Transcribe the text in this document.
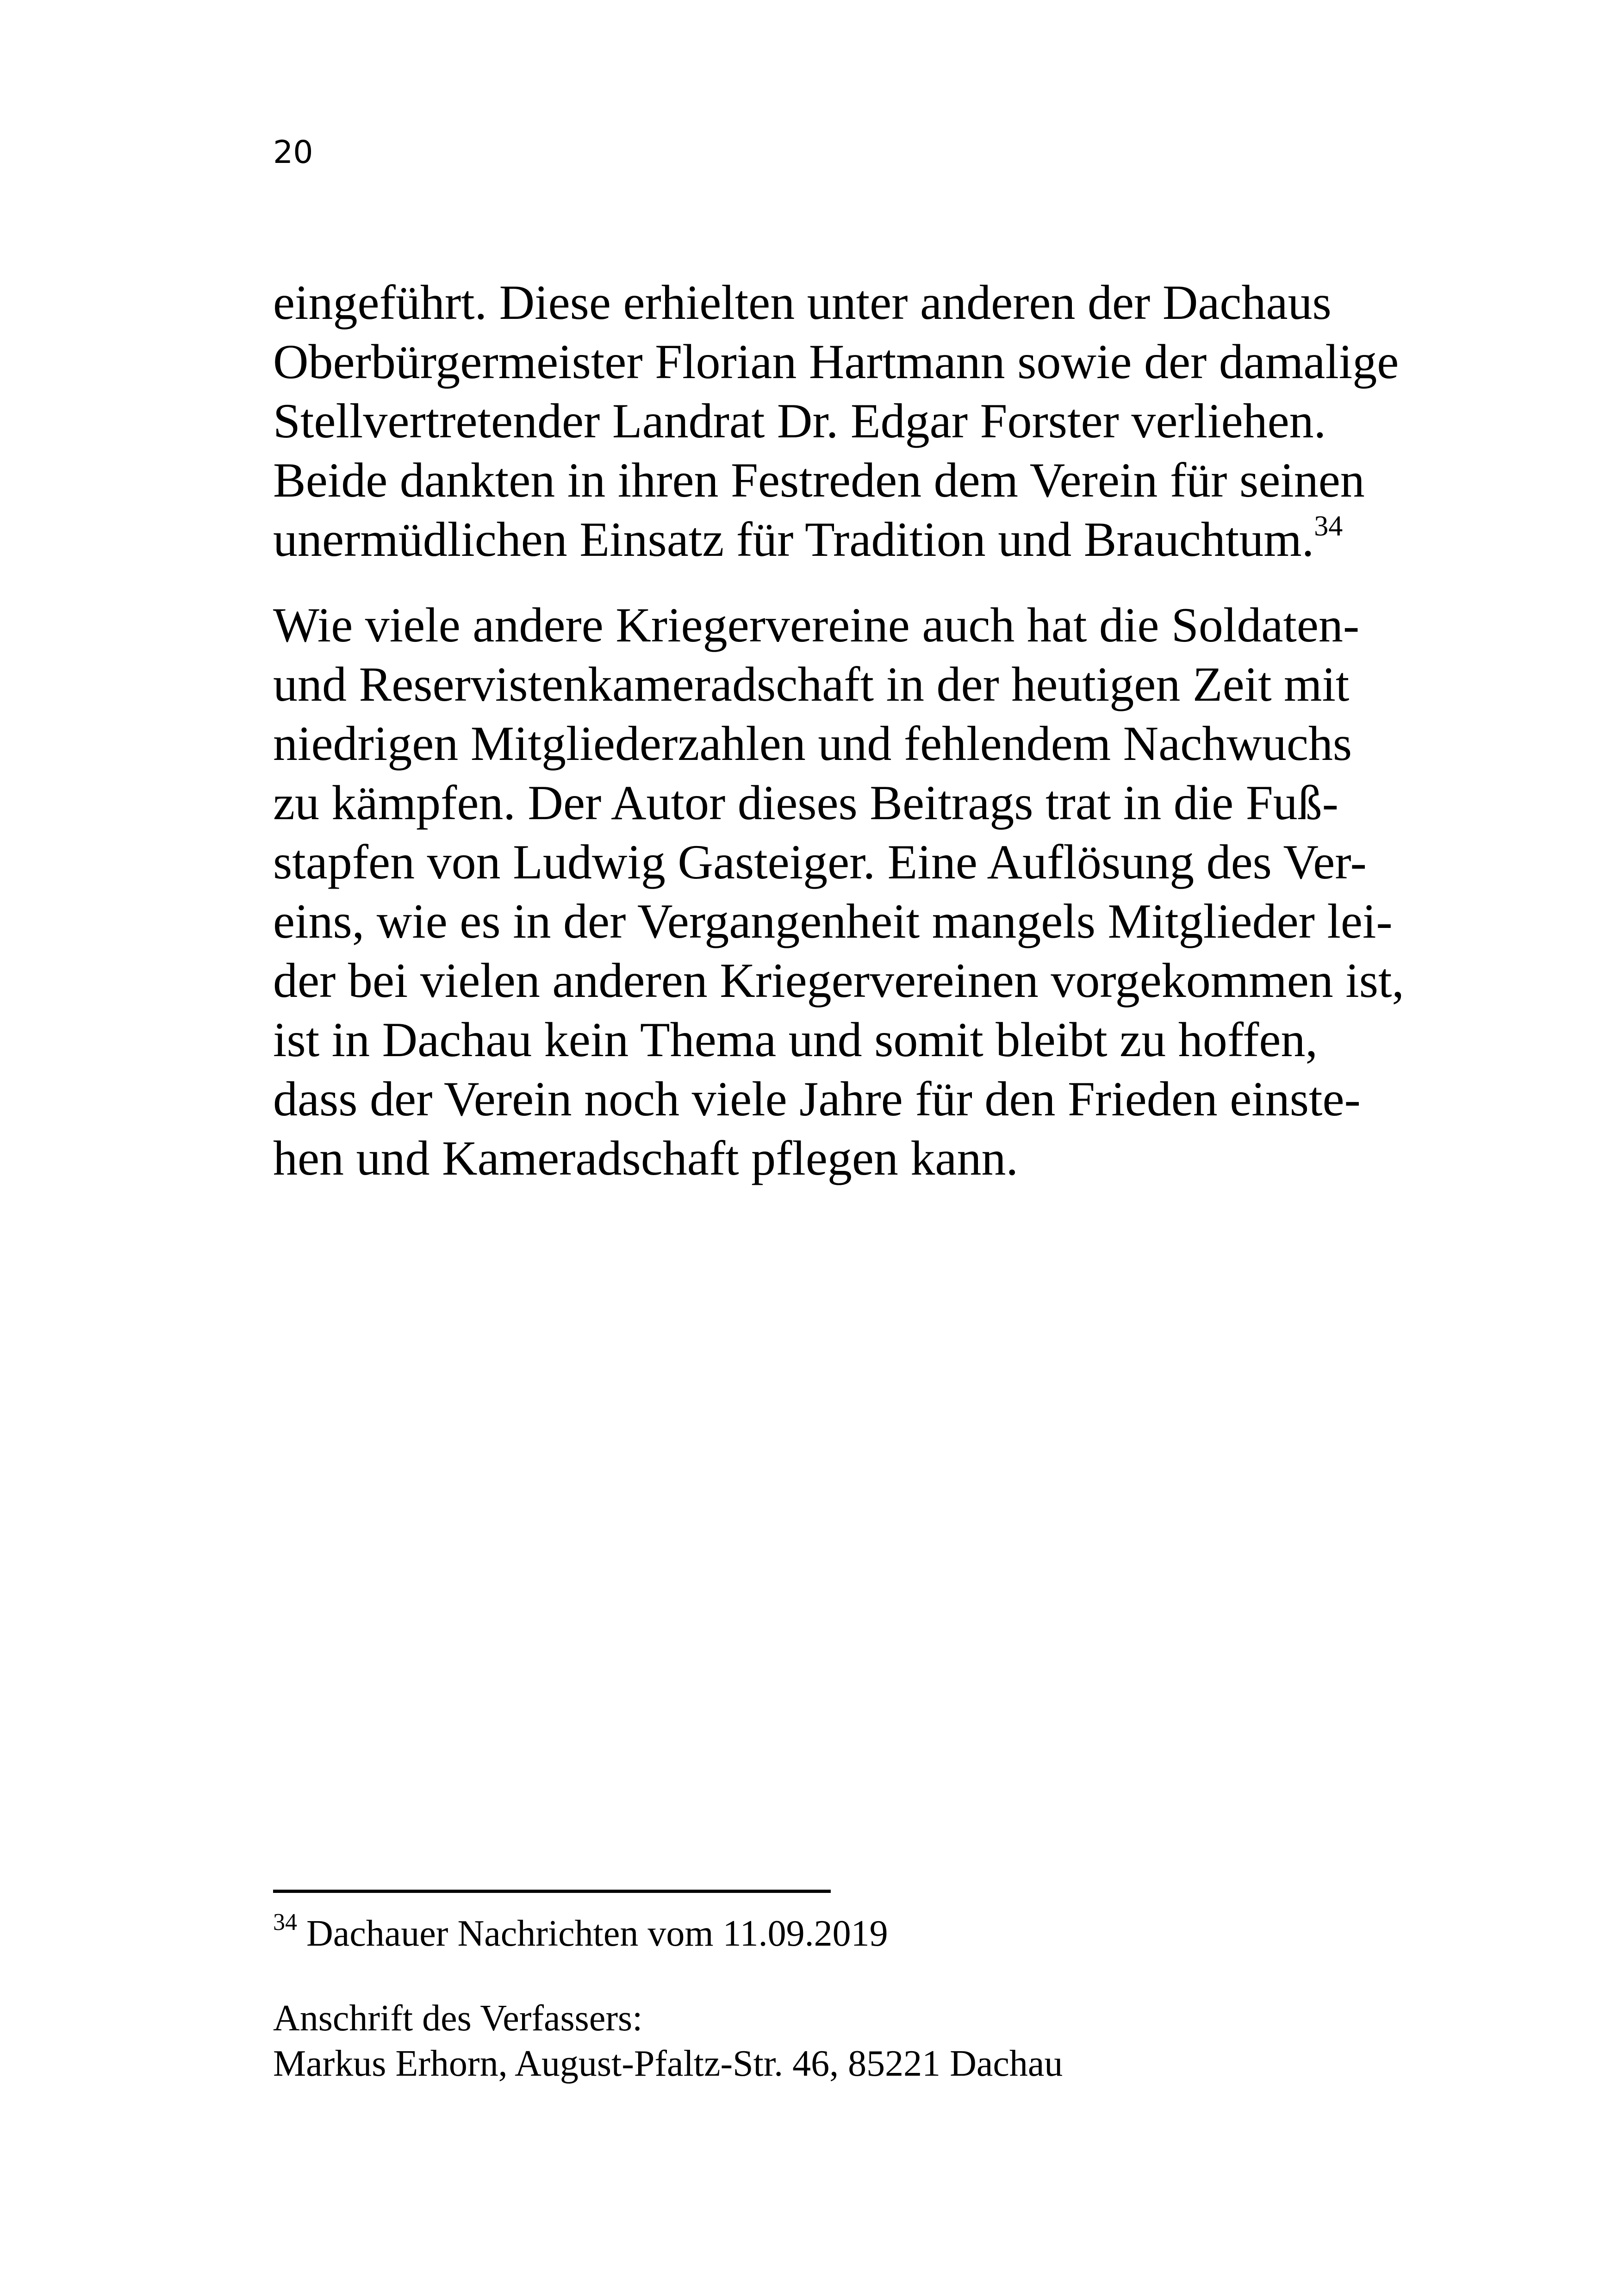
20
eingeführt. Diese erhielten unter anderen der Dachaus
Oberbürgermeister Florian Hartmann sowie der damalige
Stellvertretender Landrat Dr. Edgar Forster verliehen.
Beide dankten in ihren Festreden dem Verein für seinen
unermüdlichen Einsatz für Tradition und Brauchtum.$^{34}$
Wie viele andere Kriegervereine auch hat die Soldaten-
und Reservistenkameradschaft in der heutigen Zeit mit
niedrigen Mitgliederzahlen und fehlendem Nachwuchs
zu kämpfen. Der Autor dieses Beitrags trat in die Fuß-
stapfen von Ludwig Gasteiger. Eine Auflösung des Ver-
eins, wie es in der Vergangenheit mangels Mitglieder lei-
der bei vielen anderen Kriegervereinen vorgekommen ist,
ist in Dachau kein Thema und somit bleibt zu hoffen,
dass der Verein noch viele Jahre für den Frieden einste-
hen und Kameradschaft pflegen kann.
$^{34}$ Dachauer Nachrichten vom 11.09.2019
Anschrift des Verfassers:
Markus Erhorn, August-Pfaltz-Str. 46, 85221 Dachau
